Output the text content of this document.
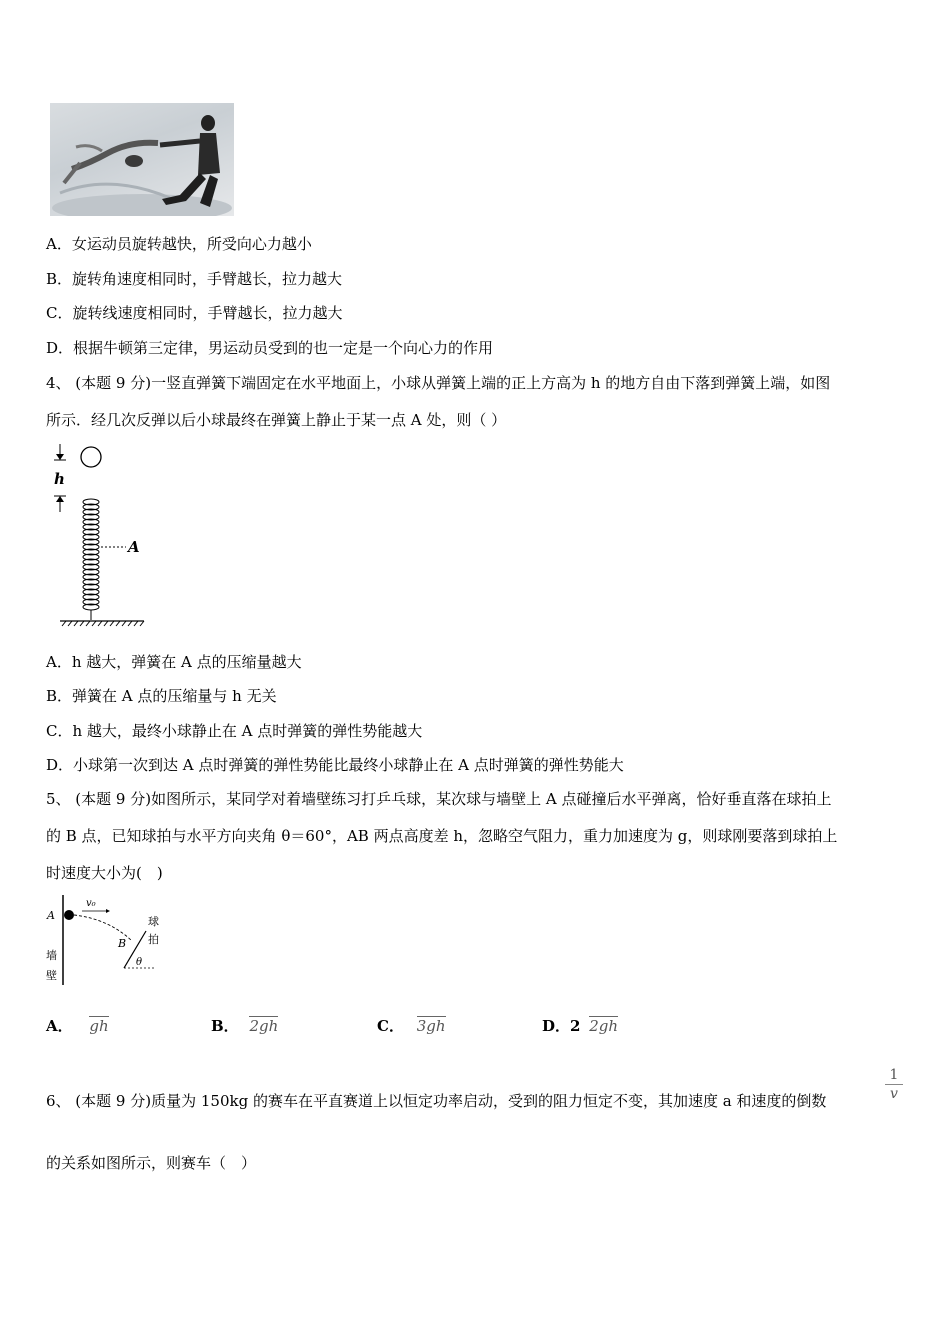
A．女运动员旋转越快，所受向心力越小
B．旋转角速度相同时，手臂越长，拉力越大
C．旋转线速度相同时，手臂越长，拉力越大
D．根据牛顿第三定律，男运动员受到的也一定是一个向心力的作用
4、 (本题 9 分)一竖直弹簧下端固定在水平地面上，小球从弹簧上端的正上方高为 h 的地方自由下落到弹簧上端，如图
所示．经几次反弹以后小球最终在弹簧上静止于某一点 A 处，则（ ）
h
A
A．h 越大，弹簧在 A 点的压缩量越大
B．弹簧在 A 点的压缩量与 h 无关
C．h 越大，最终小球静止在 A 点时弹簧的弹性势能越大
D．小球第一次到达 A 点时弹簧的弹性势能比最终小球静止在 A 点时弹簧的弹性势能大
5、 (本题 9 分)如图所示，某同学对着墙壁练习打乒乓球，某次球与墙壁上 A 点碰撞后水平弹离，恰好垂直落在球拍上
的 B 点，已知球拍与水平方向夹角 θ＝60°，AB 两点高度差 h，忽略空气阻力，重力加速度为 g，则球刚要落到球拍上
时速度大小为(　)
A
v₀
B
θ
墙
壁
球
拍
A． gh	B． 2gh	C． 3gh	D．2 2gh
6、 (本题 9 分)质量为 150kg 的赛车在平直赛道上以恒定功率启动，受到的阻力恒定不变，其加速度 a 和速度的倒数	$\frac{1}{v}$
的关系如图所示，则赛车（　）
